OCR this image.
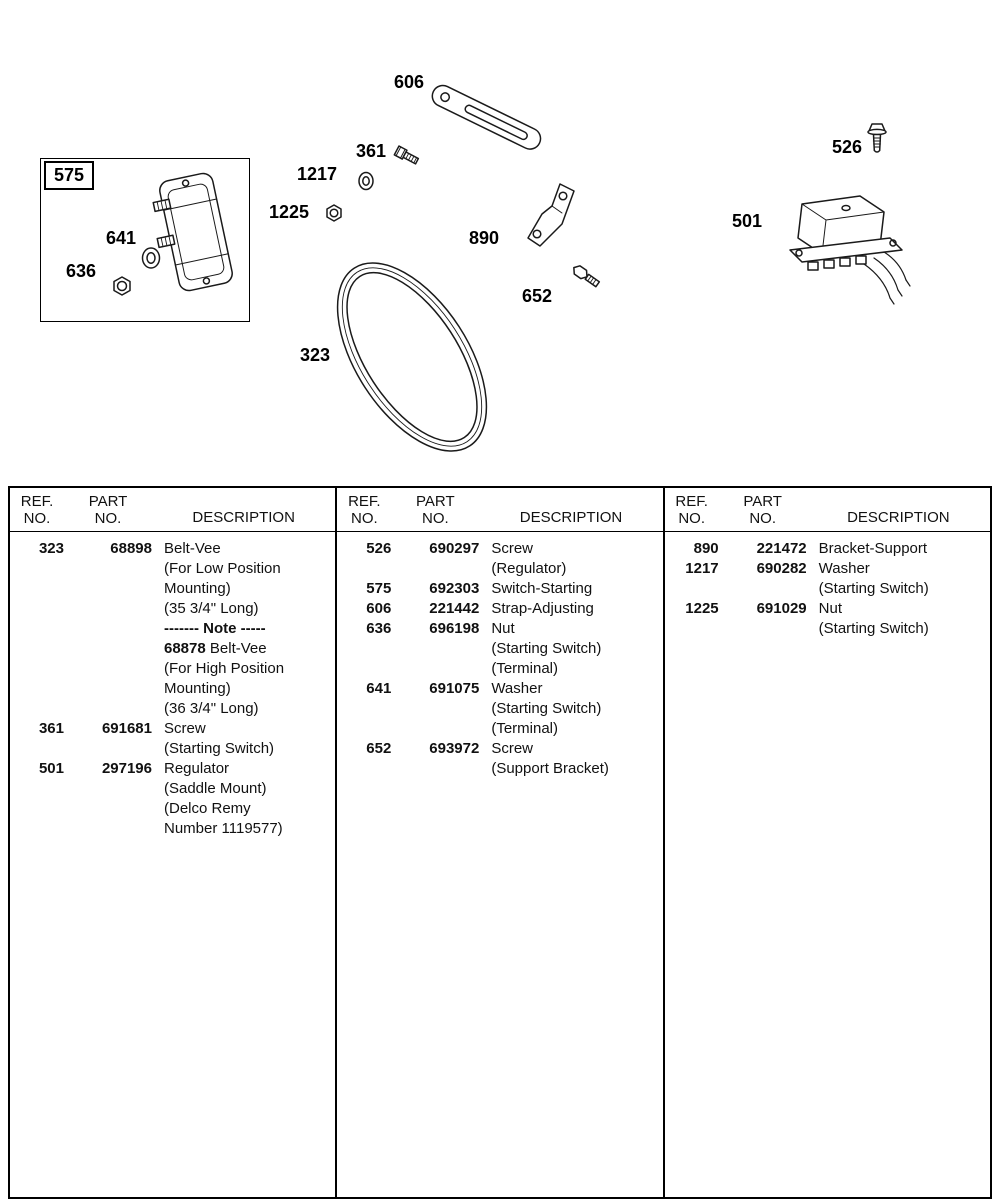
575
606
361
1217
1225
641
636
890
652
323
526
501
REF.
NO.
PART
NO.	DESCRIPTION
323	68898 Belt-Vee
(For Low Position
Mounting)
(35 3/4" Long)
------- Note -----
68878 Belt-Vee
(For High Position
Mounting)
(36 3/4" Long)
361	691681 Screw
(Starting Switch)
501	297196 Regulator
(Saddle Mount)
(Delco Remy
Number 1119577)
REF.
NO.
PART
NO.	DESCRIPTION
526	690297 Screw
(Regulator)
575	692303 Switch-Starting
606	221442 Strap-Adjusting
636	696198 Nut
(Starting Switch)
(Terminal)
641	691075 Washer
(Starting Switch)
(Terminal)
652	693972 Screw
(Support Bracket)
REF.
NO.
PART
NO.	DESCRIPTION
890	221472 Bracket-Support
1217	690282 Washer
(Starting Switch)
1225	691029 Nut
(Starting Switch)
